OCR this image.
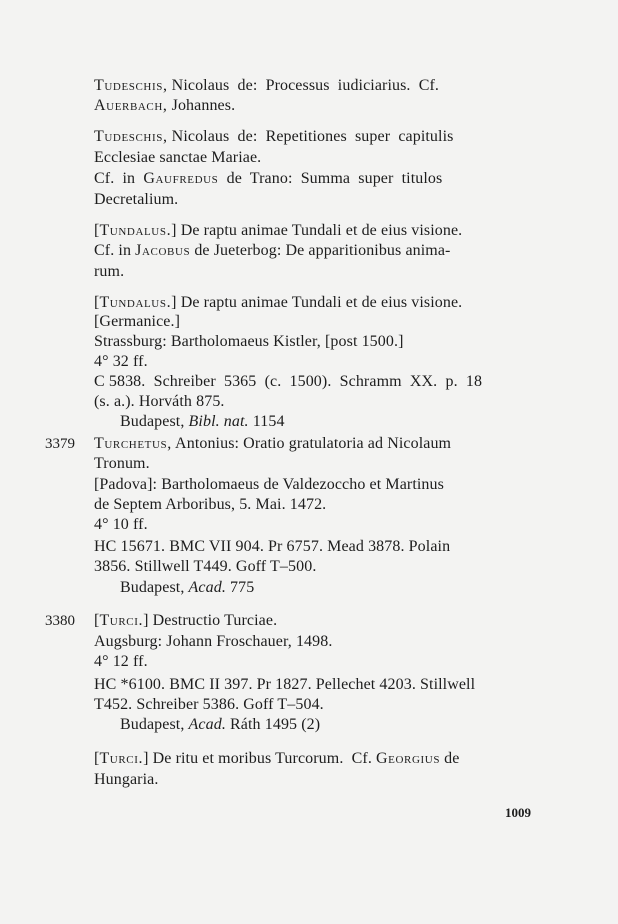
Tudeschis, Nicolaus  de:  Processus  iudiciarius.  Cf.
Auerbach, Johannes.
Tudeschis, Nicolaus  de:  Repetitiones  super  capitulis
Ecclesiae sanctae Mariae.
Cf.  in  Gaufredus  de  Trano:  Summa  super  titulos
Decretalium.
[Tundalus.] De raptu animae Tundali et de eius visione.
Cf. in Jacobus de Jueterbog: De apparitionibus anima-
rum.
[Tundalus.] De raptu animae Tundali et de eius visione.
[Germanice.]
Strassburg: Bartholomaeus Kistler, [post 1500.]
4° 32 ff.
C 5838.  Schreiber  5365  (c.  1500).  Schramm  XX.  p.  18
(s. a.). Horváth 875.
Budapest, Bibl. nat. 1154
3379 Turchetus, Antonius: Oratio gratulatoria ad Nicolaum
Tronum.
[Padova]: Bartholomaeus de Valdezoccho et Martinus
de Septem Arboribus, 5. Mai. 1472.
4° 10 ff.
HC 15671. BMC VII 904. Pr 6757. Mead 3878. Polain
3856. Stillwell T449. Goff T–500.
Budapest, Acad. 775
3380 [Turci.] Destructio Turciae.
Augsburg: Johann Froschauer, 1498.
4° 12 ff.
HC *6100. BMC II 397. Pr 1827. Pellechet 4203. Stillwell
T452. Schreiber 5386. Goff T–504.
Budapest, Acad. Ráth 1495 (2)
[Turci.] De ritu et moribus Turcorum.  Cf. Georgius de
Hungaria.
1009
